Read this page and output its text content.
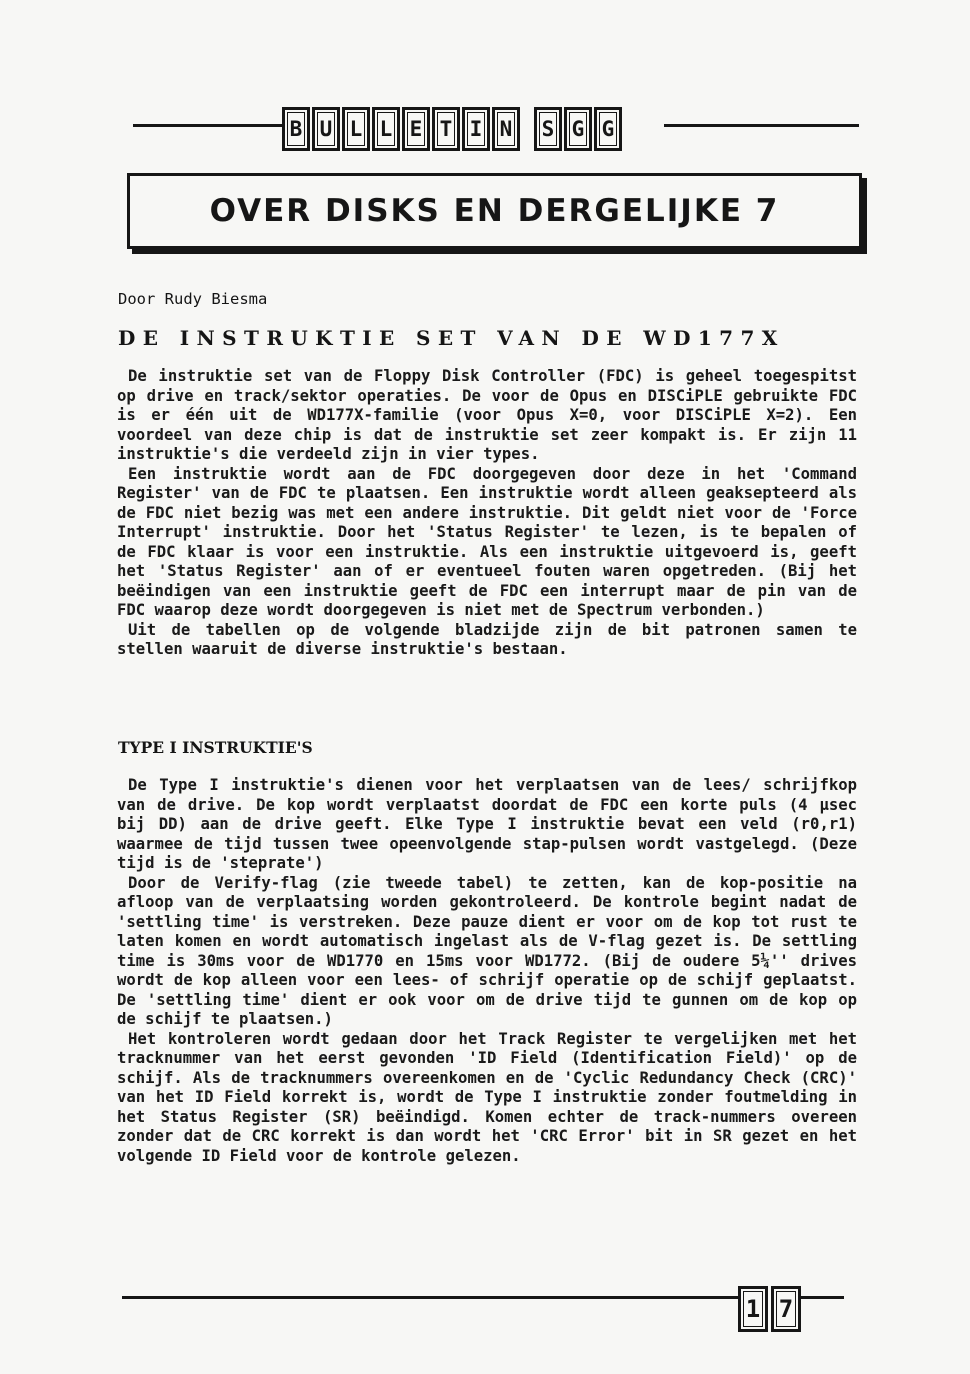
B U L L E T I N	S G G
OVER DISKS EN DERGELIJKE 7
Door Rudy Biesma
DE INSTRUKTIE SET VAN DE WD177X

De instruktie set van de Floppy Disk Controller (FDC) is geheel toegespitst op drive en track/sektor operaties. De voor de Opus en DISCiPLE gebruikte FDC is er één uit de WD177X-familie (voor Opus X=0, voor DISCiPLE X=2). Een voordeel van deze chip is dat de instruktie set zeer kompakt is. Er zijn 11 instruktie's die verdeeld zijn in vier types.

Een instruktie wordt aan de FDC doorgegeven door deze in het 'Command Register' van de FDC te plaatsen. Een instruktie wordt alleen geaksepteerd als de FDC niet bezig was met een andere instruktie. Dit geldt niet voor de 'Force Interrupt' instruktie. Door het 'Status Register' te lezen, is te bepalen of de FDC klaar is voor een instruktie. Als een instruktie uitgevoerd is, geeft het 'Status Register' aan of er eventueel fouten waren opgetreden. (Bij het beëindigen van een instruktie geeft de FDC een interrupt maar de pin van de FDC waarop deze wordt doorgegeven is niet met de Spectrum verbonden.)

Uit de tabellen op de volgende bladzijde zijn de bit patronen samen te stellen waaruit de diverse instruktie's bestaan.

TYPE I INSTRUKTIE'S

De Type I instruktie's dienen voor het verplaatsen van de lees/ schrijfkop van de drive. De kop wordt verplaatst doordat de FDC een korte puls (4 µsec bij DD) aan de drive geeft. Elke Type I instruktie bevat een veld (r0,r1) waarmee de tijd tussen twee opeenvolgende stap-pulsen wordt vastgelegd. (Deze tijd is de 'steprate')

Door de Verify-flag (zie tweede tabel) te zetten, kan de kop-positie na afloop van de verplaatsing worden gekontroleerd. De kontrole begint nadat de 'settling time' is verstreken. Deze pauze dient er voor om de kop tot rust te laten komen en wordt automatisch ingelast als de V-flag gezet is. De settling time is 30ms voor de WD1770 en 15ms voor WD1772. (Bij de oudere 5¼'' drives wordt de kop alleen voor een lees- of schrijf operatie op de schijf geplaatst. De 'settling time' dient er ook voor om de drive tijd te gunnen om de kop op de schijf te plaatsen.)

Het kontroleren wordt gedaan door het Track Register te vergelijken met het tracknummer van het eerst gevonden 'ID Field (Identification Field)' op de schijf. Als de tracknummers overeenkomen en de 'Cyclic Redundancy Check (CRC)' van het ID Field korrekt is, wordt de Type I instruktie zonder foutmelding in het Status Register (SR) beëindigd. Komen echter de track-nummers overeen zonder dat de CRC korrekt is dan wordt het 'CRC Error' bit in SR gezet en het volgende ID Field voor de kontrole gelezen.

1 7
